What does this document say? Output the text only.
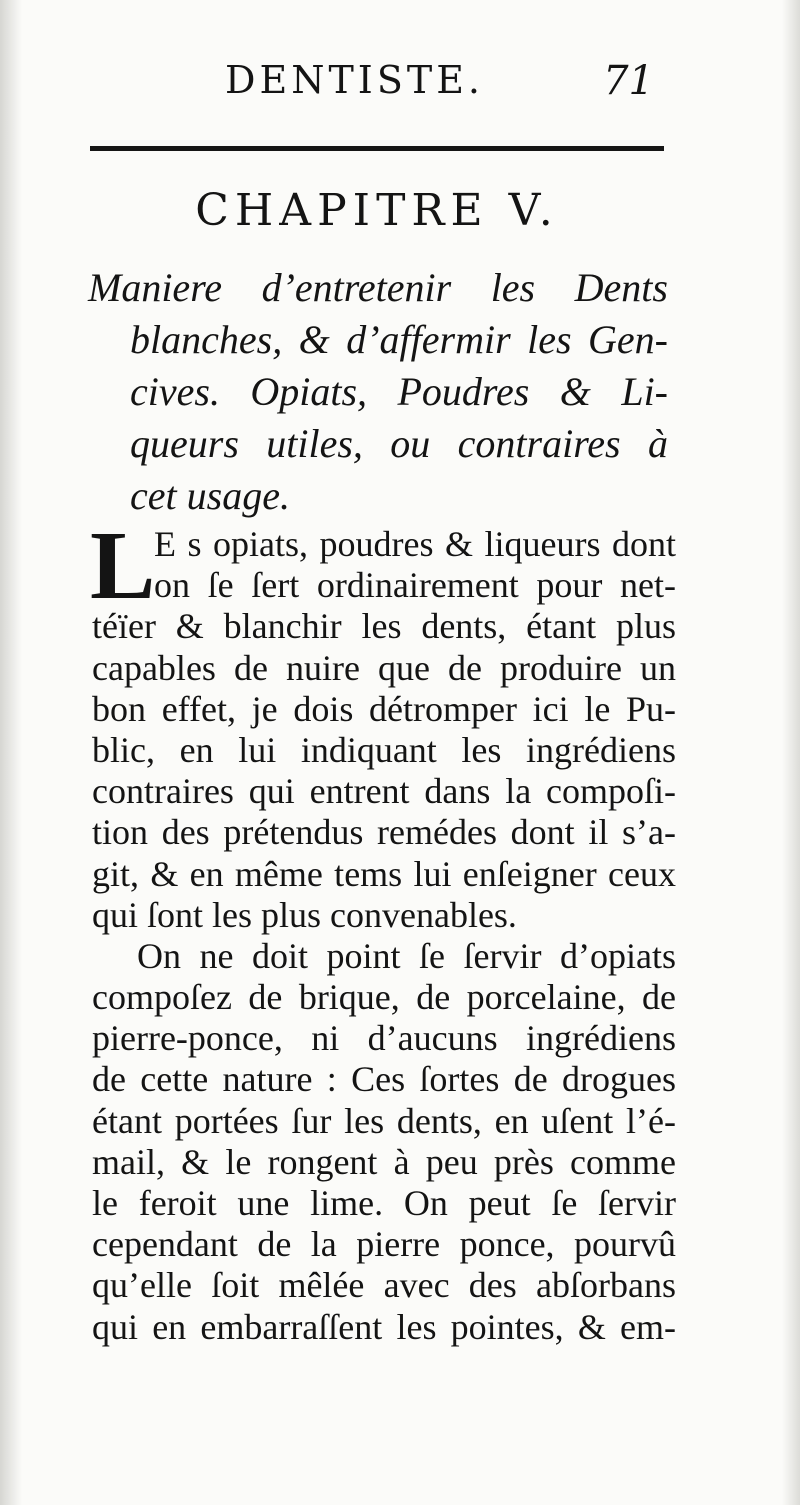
DENTISTE.	71
CHAPITRE V.
Maniere d’entretenir les Dents
blanches, & d’affermir les Gen-
cives. Opiats, Poudres & Li-
queurs utiles, ou contraires à
cet usage.
L
E s opiats, poudres & liqueurs dont
on ſe ſert ordinairement pour net-
téïer & blanchir les dents, étant plus
capables de nuire que de produire un
bon effet, je dois détromper ici le Pu-
blic, en lui indiquant les ingrédiens
contraires qui entrent dans la compoſi-
tion des prétendus remédes dont il s’a-
git, & en même tems lui enſeigner ceux
qui ſont les plus convenables.
On ne doit point ſe ſervir d’opiats
compoſez de brique, de porcelaine, de
pierre-ponce, ni d’aucuns ingrédiens
de cette nature : Ces ſortes de drogues
étant portées ſur les dents, en uſent l’é-
mail, & le rongent à peu près comme
le feroit une lime. On peut ſe ſervir
cependant de la pierre ponce, pourvû
qu’elle ſoit mêlée avec des abſorbans
qui en embarraſſent les pointes, & em-
